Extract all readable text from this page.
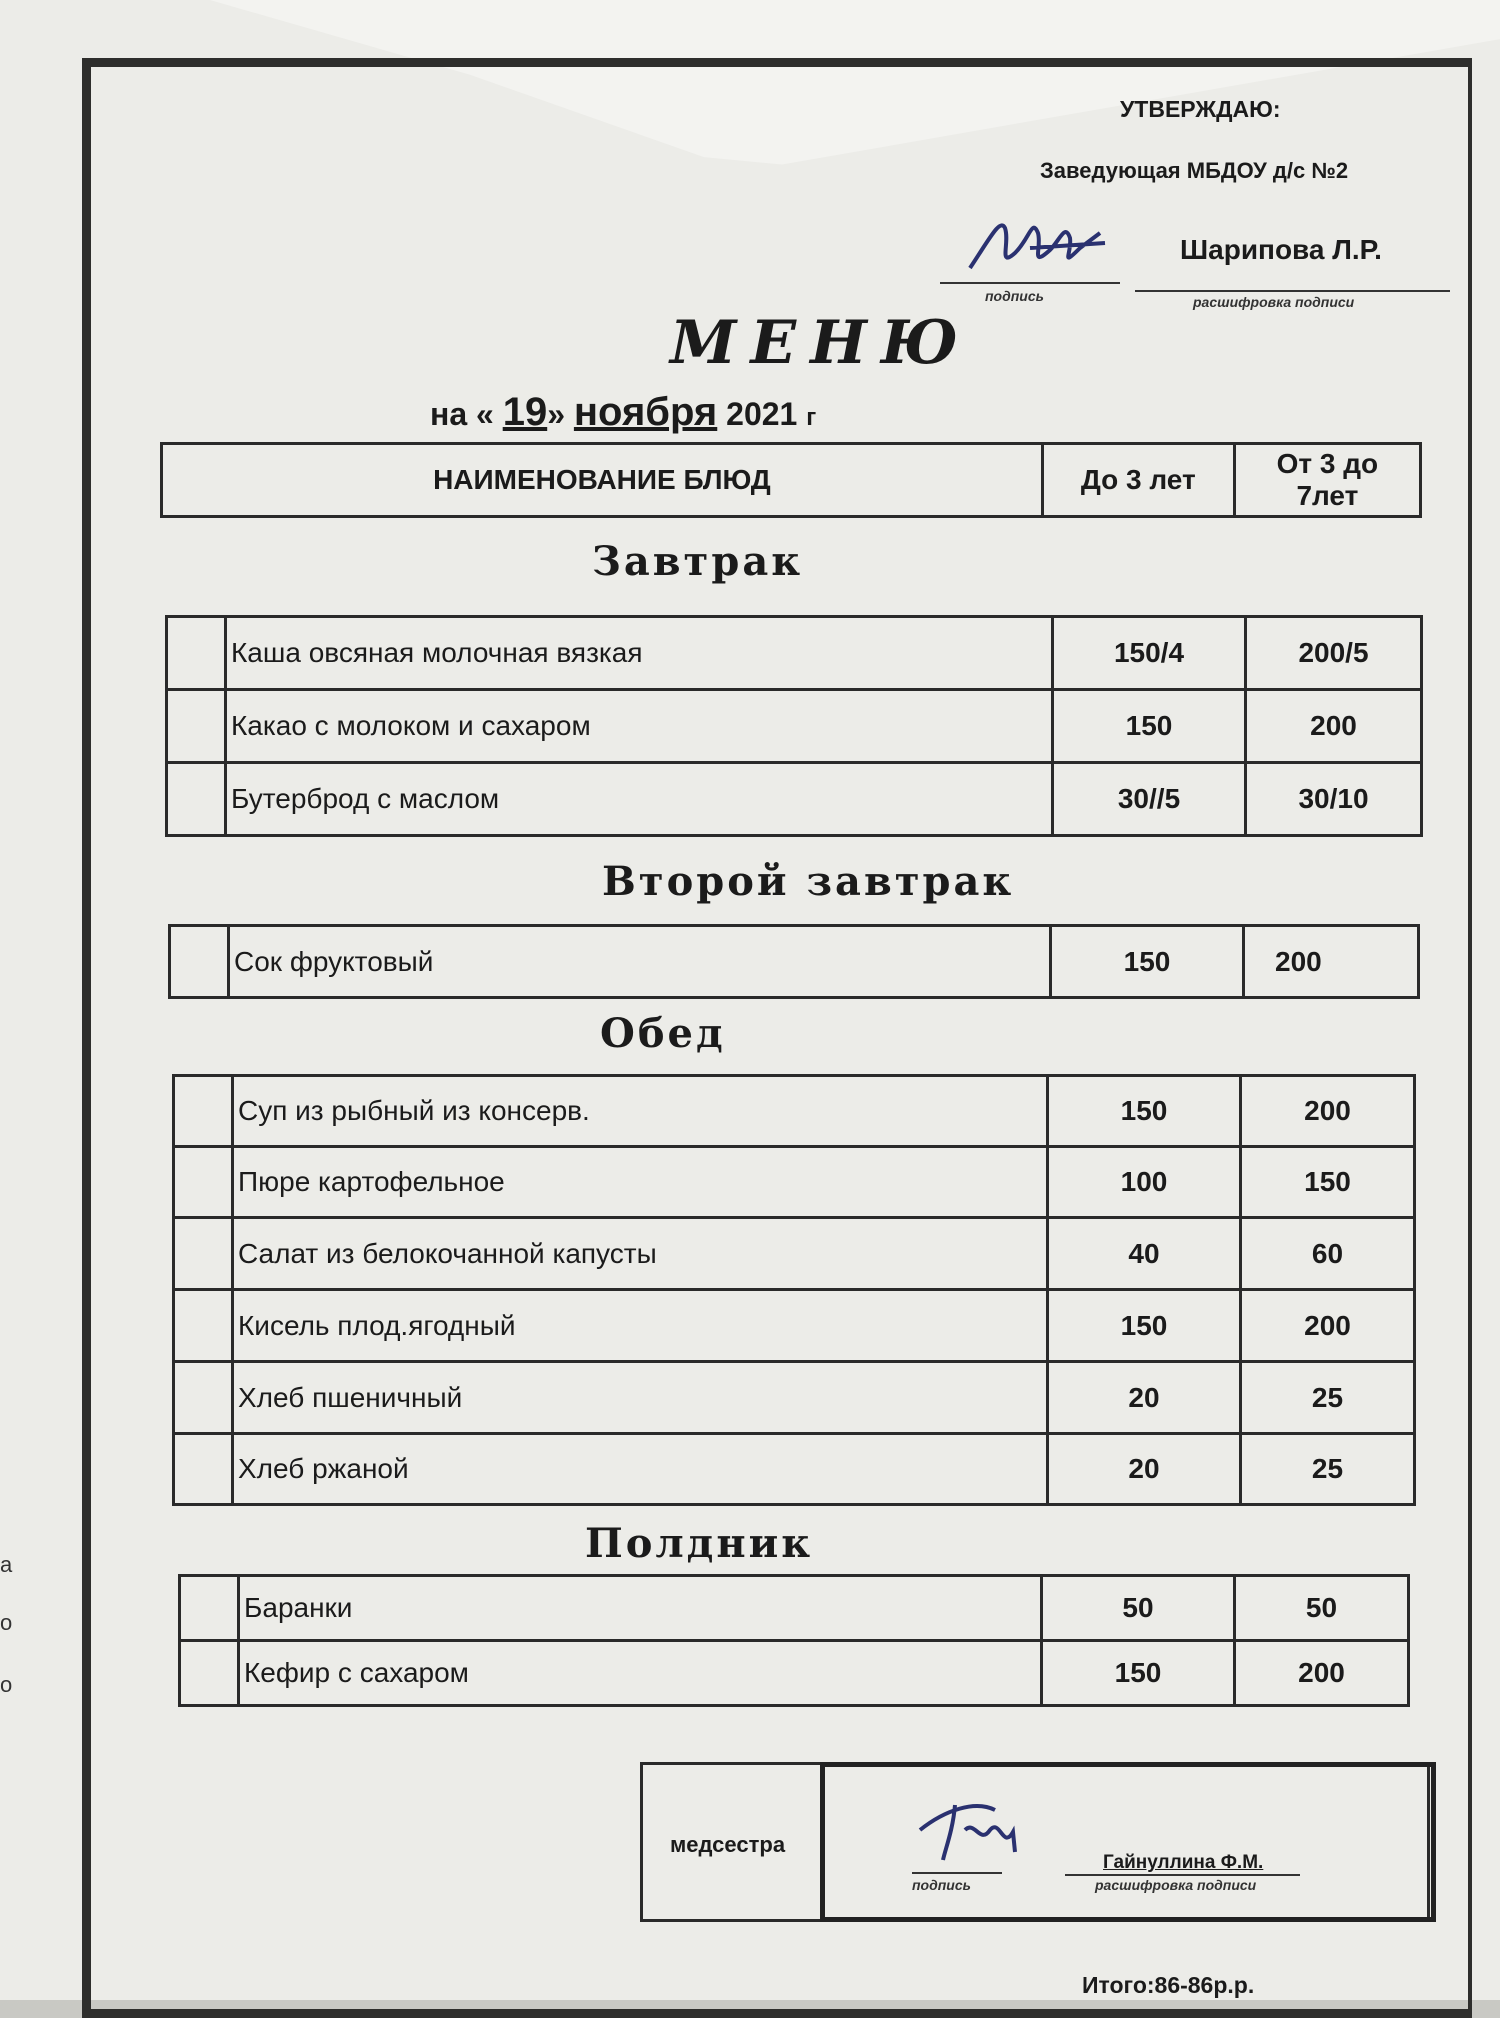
а
о
о
УТВЕРЖДАЮ:
Заведующая МБДОУ д/с №2
подпись
Шарипова Л.Р.
расшифровка подписи
МЕНЮ
на « 19» ноября 2021 г
НАИМЕНОВАНИЕ БЛЮД	До 3 лет	От 3 до
7лет
Завтрак
	Каша овсяная молочная вязкая	150/4	200/5
	Какао с молоком и сахаром	150	200
	Бутерброд с маслом	30//5	30/10
Второй завтрак
	Сок фруктовый	150	200
Обед
	Суп из рыбный из консерв.	150	200
	Пюре картофельное	100	150
	Салат из белокочанной капусты	40	60
	Кисель плод.ягодный	150	200
	Хлеб пшеничный	20	25
	Хлеб ржаной	20	25
Полдник
	Баранки	50	50
	Кефир с сахаром	150	200
медсестра
подпись
Гайнуллина Ф.М.
расшифровка подписи
Итого:86-86р.р.
